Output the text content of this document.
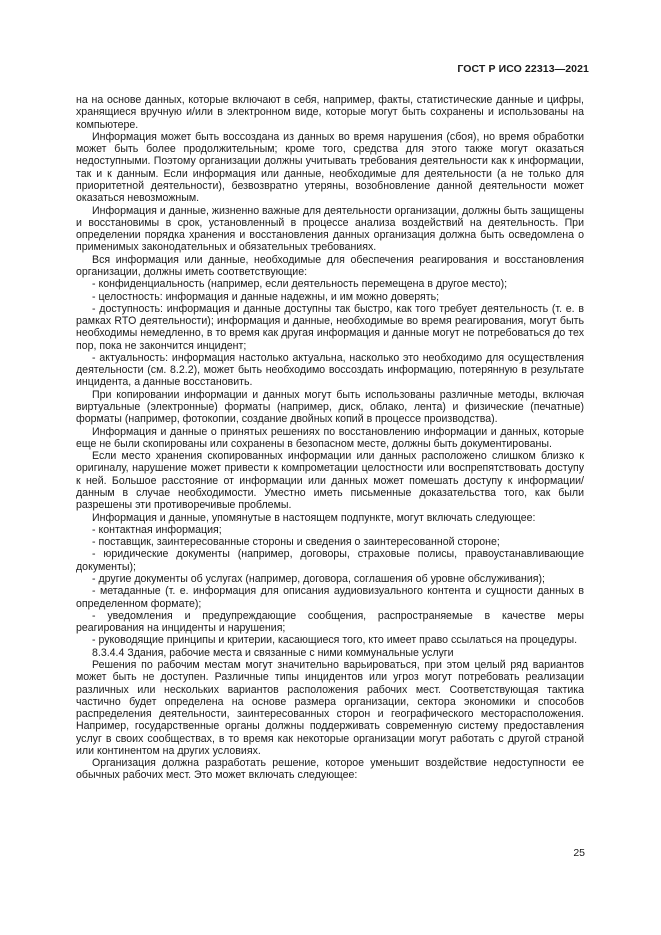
ГОСТ Р ИСО 22313—2021

на на основе данных, которые включают в себя, например, факты, статистические данные и цифры, хранящиеся вручную и/или в электронном виде, которые могут быть сохранены и использованы на компьютере.

Информация может быть воссоздана из данных во время нарушения (сбоя), но время обработки может быть более продолжительным; кроме того, средства для этого также могут оказаться недоступными. Поэтому организации должны учитывать требования деятельности как к информации, так и к данным. Если информация или данные, необходимые для деятельности (а не только для приоритетной деятельности), безвозвратно утеряны, возобновление данной деятельности может оказаться невозможным.

Информация и данные, жизненно важные для деятельности организации, должны быть защищены и восстановимы в срок, установленный в процессе анализа воздействий на деятельность. При определении порядка хранения и восстановления данных организация должна быть осведомлена о применимых законодательных и обязательных требованиях.

Вся информация или данные, необходимые для обеспечения реагирования и восстановления организации, должны иметь соответствующие:

- конфиденциальность (например, если деятельность перемещена в другое место);

- целостность: информация и данные надежны, и им можно доверять;

- доступность: информация и данные доступны так быстро, как того требует деятельность (т. е. в рамках RTO деятельности); информация и данные, необходимые во время реагирования, могут быть необходимы немедленно, в то время как другая информация и данные могут не потребоваться до тех пор, пока не закончится инцидент;

- актуальность: информация настолько актуальна, насколько это необходимо для осуществления деятельности (см. 8.2.2), может быть необходимо воссоздать информацию, потерянную в результате инцидента, а данные восстановить.

При копировании информации и данных могут быть использованы различные методы, включая виртуальные (электронные) форматы (например, диск, облако, лента) и физические (печатные) форматы (например, фотокопии, создание двойных копий в процессе производства).

Информация и данные о принятых решениях по восстановлению информации и данных, которые еще не были скопированы или сохранены в безопасном месте, должны быть документированы.

Если место хранения скопированных информации или данных расположено слишком близко к оригиналу, нарушение может привести к компрометации целостности или воспрепятствовать доступу к ней. Большое расстояние от информации или данных может помешать доступу к информации/данным в случае необходимости. Уместно иметь письменные доказательства того, как были разрешены эти противоречивые проблемы.

Информация и данные, упомянутые в настоящем подпункте, могут включать следующее:

- контактная информация;

- поставщик, заинтересованные стороны и сведения о заинтересованной стороне;

- юридические документы (например, договоры, страховые полисы, правоустанавливающие документы);

- другие документы об услугах (например, договора, соглашения об уровне обслуживания);

- метаданные (т. е. информация для описания аудиовизуального контента и сущности данных в определенном формате);

- уведомления и предупреждающие сообщения, распространяемые в качестве меры реагирования на инциденты и нарушения;

- руководящие принципы и критерии, касающиеся того, кто имеет право ссылаться на процедуры.

8.3.4.4 Здания, рабочие места и связанные с ними коммунальные услуги

Решения по рабочим местам могут значительно варьироваться, при этом целый ряд вариантов может быть не доступен. Различные типы инцидентов или угроз могут потребовать реализации различных или нескольких вариантов расположения рабочих мест. Соответствующая тактика частично будет определена на основе размера организации, сектора экономики и способов распределения деятельности, заинтересованных сторон и географического месторасположения. Например, государственные органы должны поддерживать современную систему предоставления услуг в своих сообществах, в то время как некоторые организации могут работать с другой страной или континентом на других условиях.

Организация должна разработать решение, которое уменьшит воздействие недоступности ее обычных рабочих мест. Это может включать следующее:

25
